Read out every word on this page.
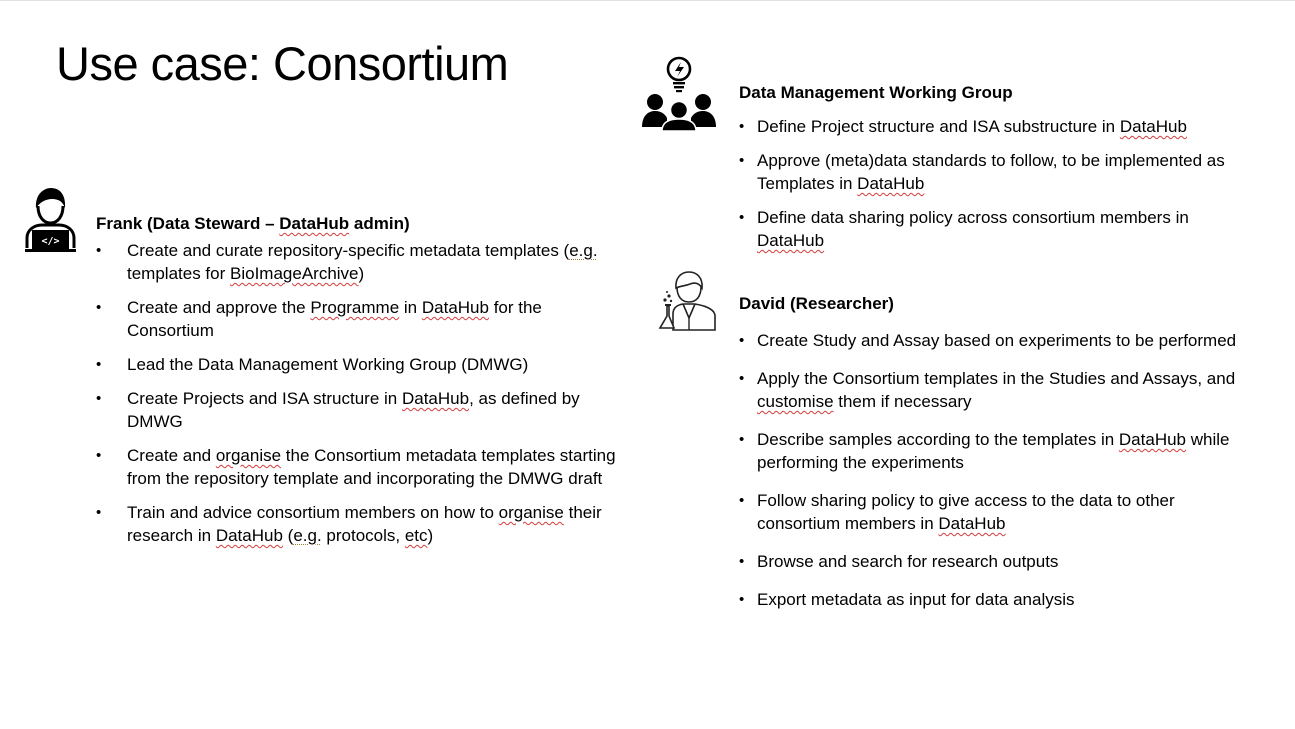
Use case: Consortium
</>
Frank (Data Steward – DataHub admin)
• Create and curate repository-specific metadata templates (e.g. templates for BioImageArchive)
• Create and approve the Programme in DataHub for the Consortium
• Lead the Data Management Working Group (DMWG)
• Create Projects and ISA structure in DataHub, as defined by DMWG
• Create and organise the Consortium metadata templates starting from the repository template and incorporating the DMWG draft
• Train and advice consortium members on how to organise their research in DataHub (e.g. protocols, etc)
Data Management Working Group
• Define Project structure and ISA substructure in DataHub
• Approve (meta)data standards to follow, to be implemented as Templates in DataHub
• Define data sharing policy across consortium members in DataHub
David (Researcher)
• Create Study and Assay based on experiments to be performed
• Apply the Consortium templates in the Studies and Assays, and customise them if necessary
• Describe samples according to the templates in DataHub while performing the experiments
• Follow sharing policy to give access to the data to other consortium members in DataHub
• Browse and search for research outputs
• Export metadata as input for data analysis
